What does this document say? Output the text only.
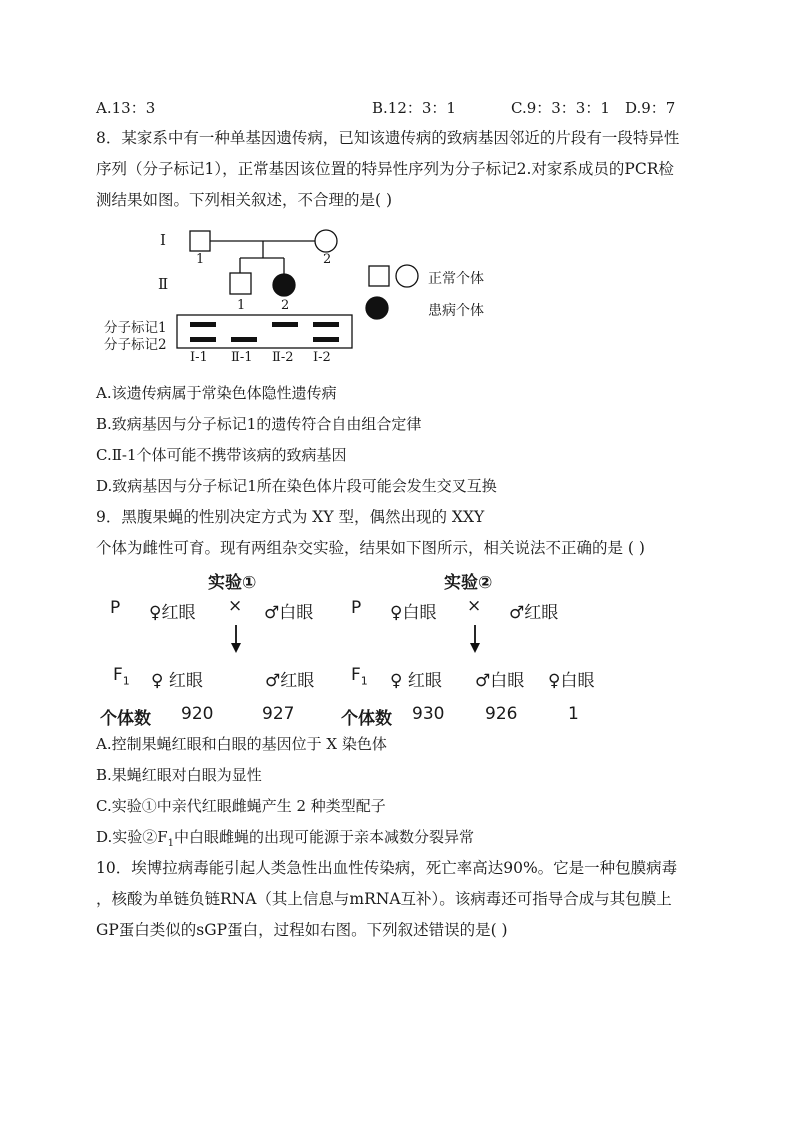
A.13：3	B.12：3：1	C.9：3：3：1 D.9：7
8．某家系中有一种单基因遗传病，已知该遗传病的致病基因邻近的片段有一段特异性
序列（分子标记1），正常基因该位置的特异性序列为分子标记2.对家系成员的PCR检
测结果如图。下列相关叙述，不合理的是( )
Ⅰ
Ⅱ
1	2
1	2
正常个体
患病个体
分子标记1
分子标记2
Ⅰ-1 Ⅱ-1 Ⅱ-2 Ⅰ-2
A.该遗传病属于常染色体隐性遗传病
B.致病基因与分子标记1的遗传符合自由组合定律
C.Ⅱ-1个体可能不携带该病的致病基因
D.致病基因与分子标记1所在染色体片段可能会发生交叉互换
9．黑腹果蝇的性别决定方式为 XY 型，偶然出现的 XXY
个体为雌性可育。现有两组杂交实验，结果如下图所示，相关说法不正确的是 ( )
实验①
P ♀红眼 × ♂白眼
$F_1$ ♀ 红眼	♂红眼
个体数 920	927
实验②
P ♀白眼 × ♂红眼
$F_1$ ♀ 红眼 ♂白眼 ♀白眼
个体数 930 926	1
A.控制果蝇红眼和白眼的基因位于 X 染色体
B.果蝇红眼对白眼为显性
C.实验①中亲代红眼雌蝇产生 2 种类型配子
D.实验$②F_1$中白眼雌蝇的出现可能源于亲本减数分裂异常
10．埃博拉病毒能引起人类急性出血性传染病，死亡率高达90%。它是一种包膜病毒
，核酸为单链负链RNA（其上信息与mRNA互补）。该病毒还可指导合成与其包膜上
GP蛋白类似的sGP蛋白，过程如右图。下列叙述错误的是( )
